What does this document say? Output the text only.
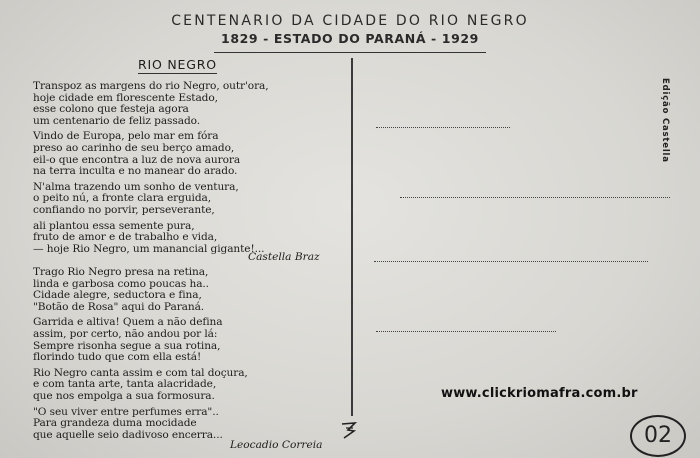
CENTENARIO DA CIDADE DO RIO NEGRO
1829 - ESTADO DO PARANÁ - 1929
RIO NEGRO
Transpoz as margens do rio Negro, outr'ora,
hoje cidade em florescente Estado,
esse colono que festeja agora
um centenario de feliz passado.
Vindo de Europa, pelo mar em fóra
preso ao carinho de seu berço amado,
eil-o que encontra a luz de nova aurora
na terra inculta e no manear do arado.
N'alma trazendo um sonho de ventura,
o peito nú, a fronte clara erguida,
confiando no porvir, perseverante,
ali plantou essa semente pura,
fruto de amor e de trabalho e vida,
— hoje Rio Negro, um manancial gigante!...
Castella Braz
Trago Rio Negro presa na retina,
linda e garbosa como poucas ha..
Cidade alegre, seductora e fina,
"Botão de Rosa" aqui do Paraná.
Garrida e altiva! Quem a não defina
assim, por certo, não andou por lá:
Sempre risonha segue a sua rotina,
florindo tudo que com ella está!
Rio Negro canta assim e com tal doçura,
e com tanta arte, tanta alacridade,
que nos empolga a sua formosura.
"O seu viver entre perfumes erra"..
Para grandeza duma mocidade
que aquelle seio dadivoso encerra...
Leocadio Correia
Edição Castella
www.clickriomafra.com.br
02
